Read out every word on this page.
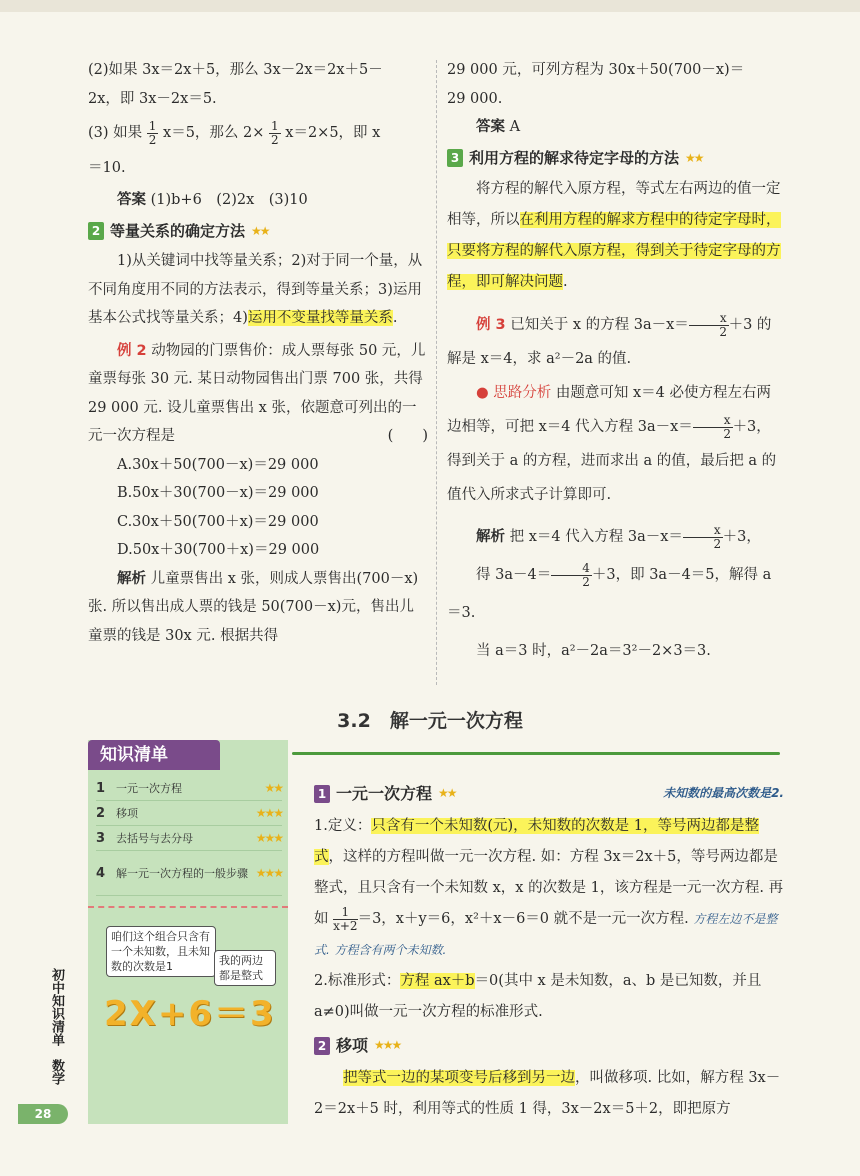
(2)如果 3x＝2x＋5，那么 3x－2x＝2x＋5－

2x，即 3x－2x＝5.

(3) 如果 $\frac{1}{2} x=5$，那么 $2\times \frac{1}{2} x=2\times 5$，即 x

＝10.

答案 (1)b+6　(2)2x　(3)10

2 等量关系的确定方法 ★★

1)从关键词中找等量关系；2)对于同一个量，从不同角度用不同的方法表示，得到等量关系；3)运用基本公式找等量关系；4)运用不变量找等量关系.

例 2 动物园的门票售价：成人票每张 50 元，儿童票每张 30 元. 某日动物园售出门票 700 张，共得 29 000 元. 设儿童票售出 x 张，依题意可列出的一元一次方程是	(　　)

A.30x＋50(700－x)＝29 000

B.50x＋30(700－x)＝29 000

C.30x＋50(700＋x)＝29 000

D.50x＋30(700＋x)＝29 000

解析 儿童票售出 x 张，则成人票售出(700－x)张. 所以售出成人票的钱是 50(700－x)元，售出儿童票的钱是 30x 元. 根据共得

29 000 元，可列方程为 30x＋50(700－x)＝

29 000.

答案 A

3 利用方程的解求待定字母的方法 ★★

将方程的解代入原方程，等式左右两边的值一定相等，所以在利用方程的解求方程中的待定字母时，只要将方程的解代入原方程，得到关于待定字母的方程，即可解决问题.

例 3 已知关于 x 的方程 $3a-x= \frac{x}{2} +3$ 的解是 x＝4，求 a²－2a 的值.

● 思路分析 由题意可知 x＝4 必使方程左右两边相等，可把 x＝4 代入方程 $3a-x= \frac{x}{2} +3$，得到关于 a 的方程，进而求出 a 的值，最后把 a 的值代入所求式子计算即可.

解析 把 x＝4 代入方程 $3a-x= \frac{x}{2} +3$，

得 $3a-4= \frac{4}{2} +3$，即 3a－4＝5，解得 a＝3.

当 a＝3 时，a²－2a＝3²－2×3＝3.

3.2　解一元一次方程
知识清单
1 一元一次方程	★★
2 移项	★★★
3 去括号与去分母	★★★
4 解一元一次方程的一般步骤 ★★★
咱们这个组合只含有一个未知数，且未知数的次数是1	我的两边都是整式
2X+6＝3
初中知识清单　数学
28
1 一元一次方程 ★★	未知数的最高次数是2.

1.定义：只含有一个未知数(元)，未知数的次数是 1，等号两边都是整式，这样的方程叫做一元一次方程. 如：方程 3x＝2x＋5，等号两边都是整式，且只含有一个未知数 x，x 的次数是 1，该方程是一元一次方程. 再如 $\frac{1}{x+2} =3$，x＋y＝6，x²＋x－6＝0 就不是一元一次方程. 方程左边不是整式. 方程含有两个未知数.

2.标准形式：方程 ax＋b＝0(其中 x 是未知数，a、b 是已知数，并且 a≠0)叫做一元一次方程的标准形式.

2 移项 ★★★

把等式一边的某项变号后移到另一边，叫做移项. 比如，解方程 3x－2＝2x＋5 时，利用等式的性质 1 得，3x－2x＝5＋2，即把原方
